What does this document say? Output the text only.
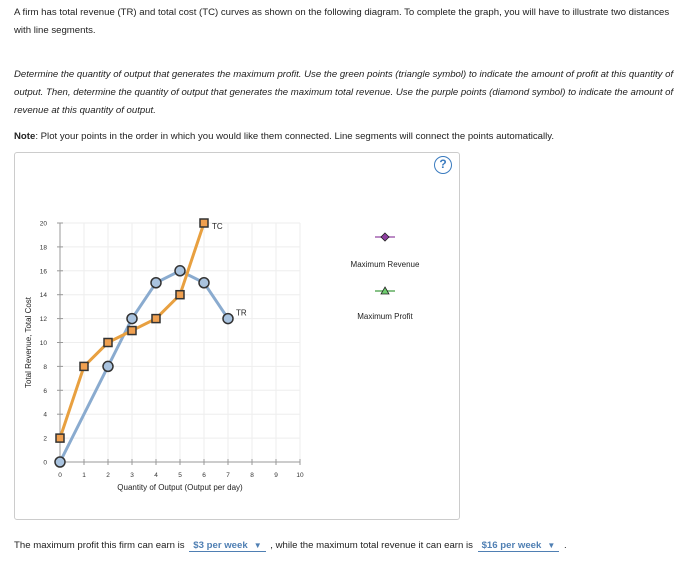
A firm has total revenue (TR) and total cost (TC) curves as shown on the following diagram. To complete the graph, you will have to illustrate two distances with line segments.

Determine the quantity of output that generates the maximum profit. Use the green points (triangle symbol) to indicate the amount of profit at this quantity of output. Then, determine the quantity of output that generates the maximum total revenue. Use the purple points (diamond symbol) to indicate the amount of revenue at this quantity of output.

Note: Plot your points in the order in which you would like them connected. Line segments will connect the points automatically.

?
0	1	2	3	4	5	6	7	8	9	10
0
2
4
6
8
10
12
14
16
18
20
Quantity of Output (Output per day)
Total Revenue, Total Cost	TR
TC
Maximum Revenue
Maximum Profit
The maximum profit this firm can earn is $3 per week ▼ , while the maximum total revenue it can earn is $16 per week ▼ .
